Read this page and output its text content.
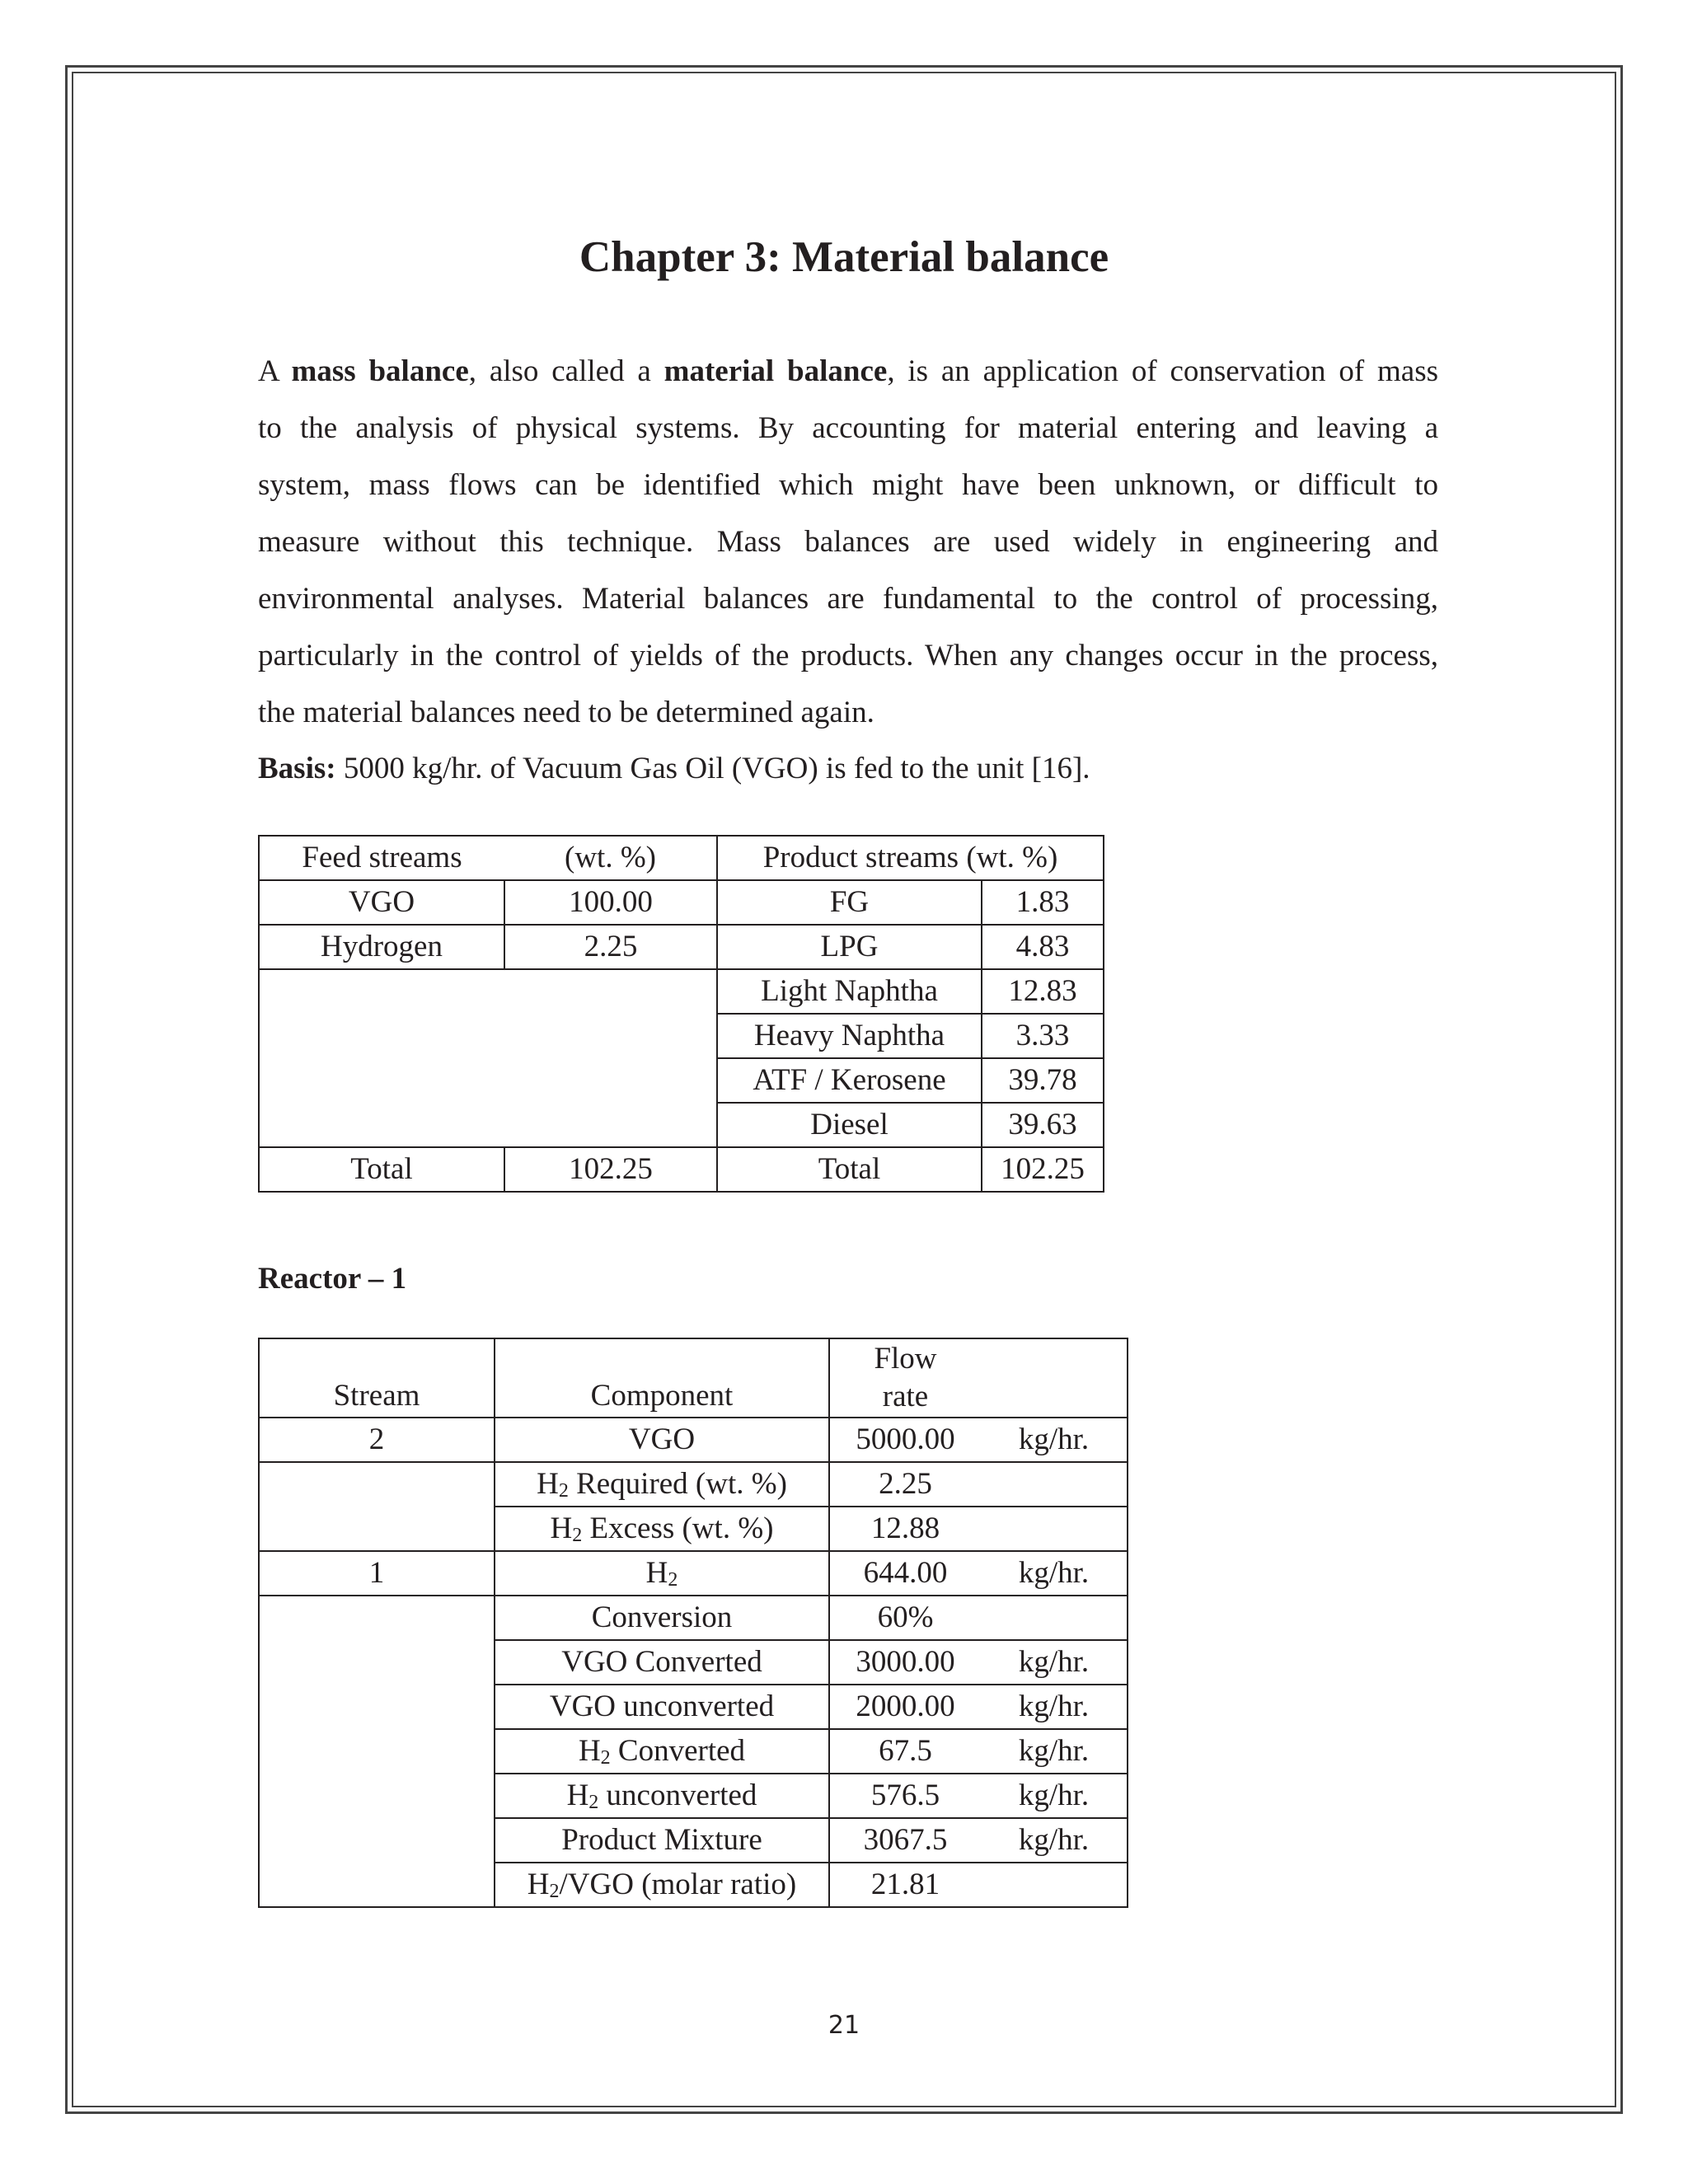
Chapter 3: Material balance
A mass balance, also called a material balance, is an application of conservation of mass
to the analysis of physical systems. By accounting for material entering and leaving a
system, mass flows can be identified which might have been unknown, or difficult to
measure without this technique. Mass balances are used widely in engineering and
environmental analyses. Material balances are fundamental to the control of processing,
particularly in the control of yields of the products. When any changes occur in the process,
the material balances need to be determined again.
Basis: 5000 kg/hr. of Vacuum Gas Oil (VGO) is fed to the unit [16].
Feed streams	(wt. %)	Product streams (wt. %)	
VGO	100.00	FG	1.83
Hydrogen	2.25	LPG	4.83
		Light Naphtha	12.83
		Heavy Naphtha	3.33
		ATF / Kerosene	39.78
		Diesel	39.63
Total	102.25	Total	102.25
Reactor – 1
Stream	Component	Flow
rate	
2	VGO	5000.00	kg/hr.
	$H_2$ Required (wt. %)	2.25	
	$H_2$ Excess (wt. %)	12.88	
1	$H_2$	644.00	kg/hr.
	Conversion	60%	
	VGO Converted	3000.00	kg/hr.
	VGO unconverted	2000.00	kg/hr.
	$H_2$ Converted	67.5	kg/hr.
	$H_2$ unconverted	576.5	kg/hr.
	Product Mixture	3067.5	kg/hr.
	$H_2$/VGO (molar ratio)	21.81	
21
